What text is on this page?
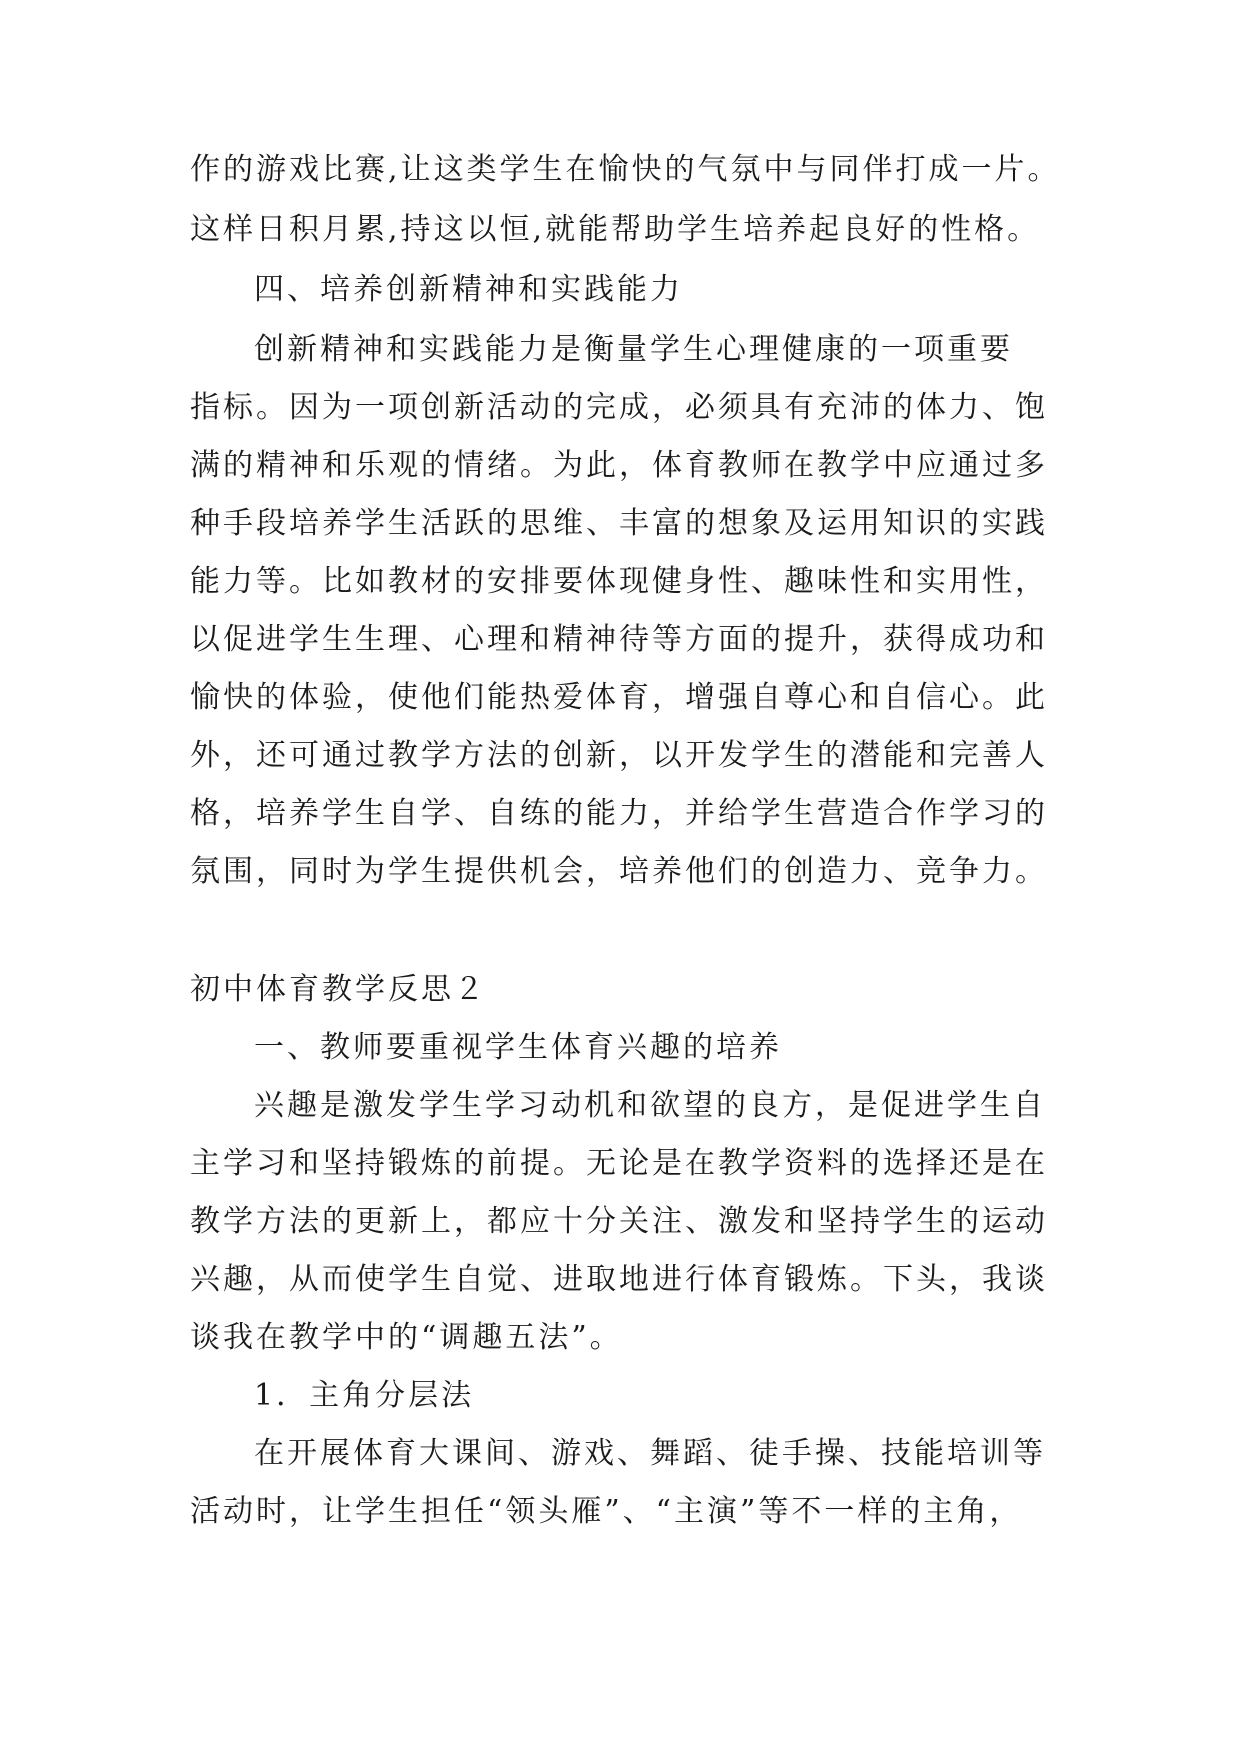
作的游戏比赛,让这类学生在愉快的气氛中与同伴打成一片。
这样日积月累,持这以恒,就能帮助学生培养起良好的性格。
四、培养创新精神和实践能力
创新精神和实践能力是衡量学生心理健康的一项重要
指标。因为一项创新活动的完成，必须具有充沛的体力、饱
满的精神和乐观的情绪。为此，体育教师在教学中应通过多
种手段培养学生活跃的思维、丰富的想象及运用知识的实践
能力等。比如教材的安排要体现健身性、趣味性和实用性，
以促进学生生理、心理和精神待等方面的提升，获得成功和
愉快的体验，使他们能热爱体育，增强自尊心和自信心。此
外，还可通过教学方法的创新，以开发学生的潜能和完善人
格，培养学生自学、自练的能力，并给学生营造合作学习的
氛围，同时为学生提供机会，培养他们的创造力、竞争力。
初中体育教学反思２
一、教师要重视学生体育兴趣的培养
兴趣是激发学生学习动机和欲望的良方，是促进学生自
主学习和坚持锻炼的前提。无论是在教学资料的选择还是在
教学方法的更新上，都应十分关注、激发和坚持学生的运动
兴趣，从而使学生自觉、进取地进行体育锻炼。下头，我谈
谈我在教学中的“调趣五法”。
1．主角分层法
在开展体育大课间、游戏、舞蹈、徒手操、技能培训等
活动时，让学生担任“领头雁”、“主演”等不一样的主角，
